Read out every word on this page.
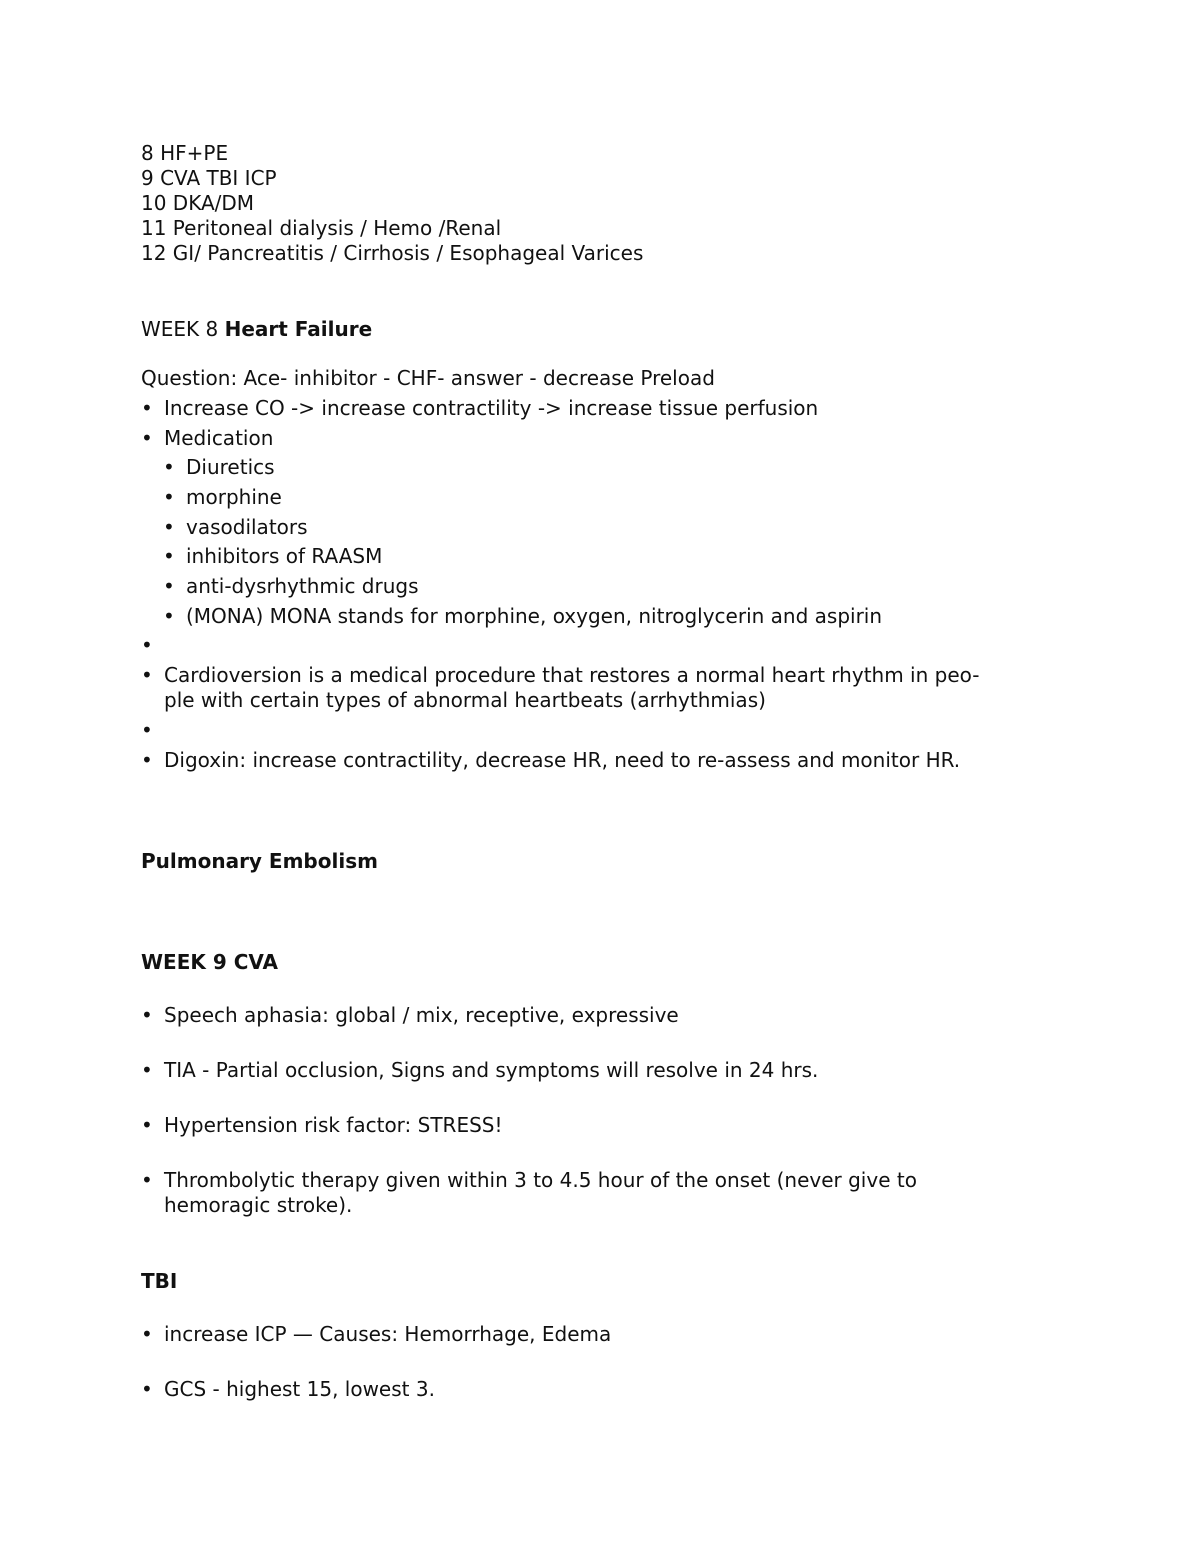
8 HF+PE
9 CVA TBI ICP
10 DKA/DM
11 Peritoneal dialysis / Hemo /Renal
12 GI/ Pancreatitis / Cirrhosis / Esophageal Varices
WEEK 8 Heart Failure
Question: Ace- inhibitor - CHF- answer - decrease Preload
• Increase CO -> increase contractility -> increase tissue perfusion
• Medication
• Diuretics
• morphine
• vasodilators
• inhibitors of RAASM
• anti-dysrhythmic drugs
• (MONA) MONA stands for morphine, oxygen, nitroglycerin and aspirin
•
• Cardioversion is a medical procedure that restores a normal heart rhythm in peo-
ple with certain types of abnormal heartbeats (arrhythmias)
•
• Digoxin: increase contractility, decrease HR, need to re-assess and monitor HR.
Pulmonary Embolism
WEEK 9 CVA
• Speech aphasia: global / mix, receptive, expressive
• TIA - Partial occlusion, Signs and symptoms will resolve in 24 hrs.
• Hypertension risk factor: STRESS!
• Thrombolytic therapy given within 3 to 4.5 hour of the onset (never give to
hemoragic stroke).
TBI
• increase ICP — Causes: Hemorrhage, Edema
• GCS - highest 15, lowest 3.
